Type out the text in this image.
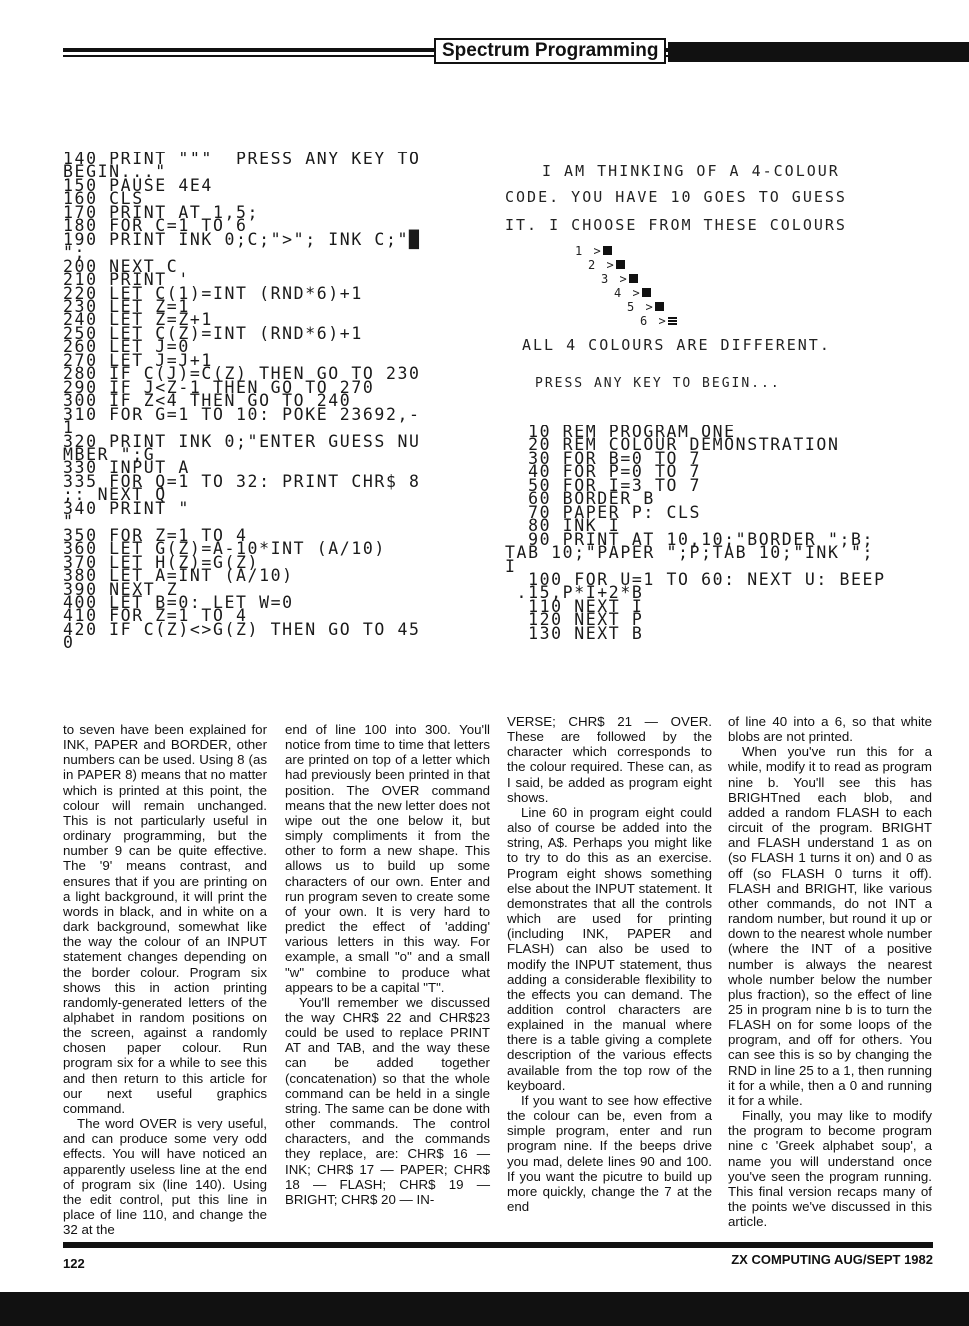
Spectrum Programming
140 PRINT """  PRESS ANY KEY TO
BEGIN..."
150 PAUSE 4E4
160 CLS
170 PRINT AT 1,5;
180 FOR C=1 TO 6
190 PRINT INK 0;C;">"; INK C;"█
";
200 NEXT C
210 PRINT '
220 LET C(1)=INT (RND*6)+1
230 LET Z=1
240 LET Z=Z+1
250 LET C(Z)=INT (RND*6)+1
260 LET J=0
270 LET J=J+1
280 IF C(J)=C(Z) THEN GO TO 230
290 IF J<Z-1 THEN GO TO 270
300 IF Z<4 THEN GO TO 240
310 FOR G=1 TO 10: POKE 23692,-
1
320 PRINT INK 0;"ENTER GUESS NU
MBER ";G
330 INPUT A
335 FOR Q=1 TO 32: PRINT CHR$ 8
;: NEXT Q
340 PRINT "
"
350 FOR Z=1 TO 4
360 LET G(Z)=A-10*INT (A/10)
370 LET H(Z)=G(Z)
380 LET A=INT (A/10)
390 NEXT Z
400 LET B=0: LET W=0
410 FOR Z=1 TO 4
420 IF C(Z)<>G(Z) THEN GO TO 45
0
I AM THINKING OF A 4-COLOUR
CODE. YOU HAVE 10 GOES TO GUESS
IT. I CHOOSE FROM THESE COLOURS
1 >
2 >
3 >
4 >
5 >
6 >
ALL 4 COLOURS ARE DIFFERENT.
PRESS ANY KEY TO BEGIN...
10 REM PROGRAM ONE
20 REM COLOUR DEMONSTRATION
30 FOR B=0 TO 7
40 FOR P=0 TO 7
50 FOR I=3 TO 7
60 BORDER B
70 PAPER P: CLS
80 INK I
90 PRINT AT 10,10;"BORDER ";B;
TAB 10;"PAPER ";P;TAB 10;"INK ";
I
100 FOR U=1 TO 60: NEXT U: BEEP
.15,P*I+2*B
110 NEXT I
120 NEXT P
130 NEXT B

to seven have been explained for INK, PAPER and BORDER, other numbers can be used. Using 8 (as in PAPER 8) means that no matter which is printed at this point, the colour will remain unchanged. This is not particularly useful in ordinary programming, but the number 9 can be quite effective. The '9' means contrast, and ensures that if you are printing on a light background, it will print the words in black, and in white on a dark background, somewhat like the way the colour of an INPUT statement changes depending on the border colour. Program six shows this in action printing randomly-generated letters of the alphabet in random positions on the screen, against a randomly chosen paper colour. Run program six for a while to see this and then return to this article for our next useful graphics command.

The word OVER is very useful, and can produce some very odd effects. You will have noticed an apparently useless line at the end of program six (line 140). Using the edit control, put this line in place of line 110, and change the 32 at the

end of line 100 into 300. You'll notice from time to time that letters are printed on top of a letter which had previously been printed in that position. The OVER command means that the new letter does not wipe out the one below it, but simply compliments it from the other to form a new shape. This allows us to build up some characters of our own. Enter and run program seven to create some of your own. It is very hard to predict the effect of 'adding' various letters in this way. For example, a small "o" and a small "w" combine to produce what appears to be a capital "T".

You'll remember we discussed the way CHR$ 22 and CHR$23 could be used to replace PRINT AT and TAB, and the way these can be added together (concatenation) so that the whole command can be held in a single string. The same can be done with other commands. The control characters, and the commands they replace, are: CHR$ 16 — INK; CHR$ 17 — PAPER; CHR$ 18 — FLASH; CHR$ 19 — BRIGHT; CHR$ 20 — IN-

VERSE; CHR$ 21 — OVER. These are followed by the character which corresponds to the colour required. These can, as I said, be added as program eight shows.

Line 60 in program eight could also of course be added into the string, A$. Perhaps you might like to try to do this as an exercise. Program eight shows something else about the INPUT statement. It demonstrates that all the controls which are used for printing (including INK, PAPER and FLASH) can also be used to modify the INPUT statement, thus adding a considerable flexibility to the effects you can demand. The addition control characters are explained in the manual where there is a table giving a complete description of the various effects available from the top row of the keyboard.

If you want to see how effective the colour can be, even from a simple program, enter and run program nine. If the beeps drive you mad, delete lines 90 and 100. If you want the picutre to build up more quickly, change the 7 at the end

of line 40 into a 6, so that white blobs are not printed.

When you've run this for a while, modify it to read as program nine b. You'll see this has BRIGHTned each blob, and added a random FLASH to each circuit of the program. BRIGHT and FLASH understand 1 as on (so FLASH 1 turns it on) and 0 as off (so FLASH 0 turns it off). FLASH and BRIGHT, like various other commands, do not INT a random number, but round it up or down to the nearest whole number (where the INT of a positive number is always the nearest whole number below the number plus fraction), so the effect of line 25 in program nine b is to turn the FLASH on for some loops of the program, and off for others. You can see this is so by changing the RND in line 25 to a 1, then running it for a while, then a 0 and running it for a while.

Finally, you may like to modify the program to become program nine c 'Greek alphabet soup', a name you will understand once you've seen the program running. This final version recaps many of the points we've discussed in this article.

122	ZX COMPUTING AUG/SEPT 1982
